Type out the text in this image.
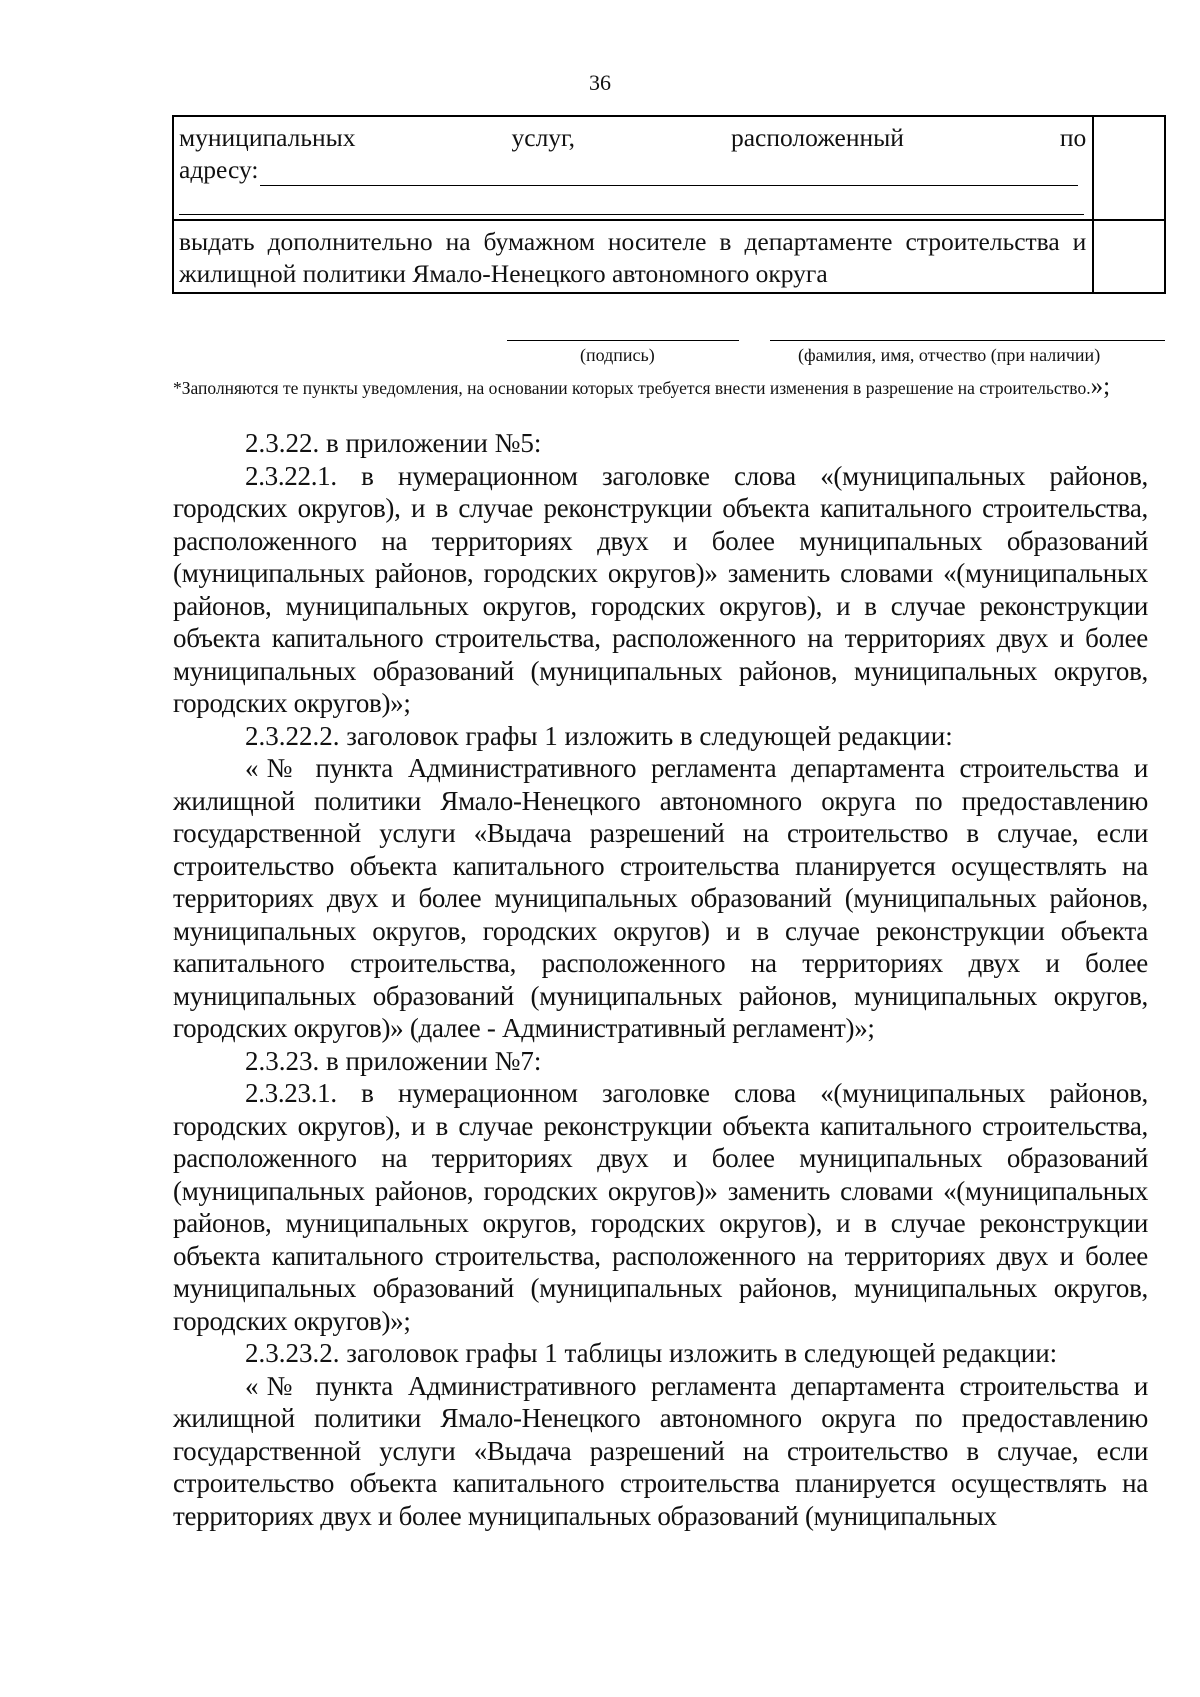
36
муниципальных услуг, расположенный по
адресу:	

выдать дополнительно на бумажном носителе в департаменте строительства и жилищной политики Ямало-Ненецкого автономного округа	
(подпись)	(фамилия, имя, отчество (при наличии)
*Заполняются те пункты уведомления, на основании которых требуется внести изменения в разрешение на строительство.»;

2.3.22. в приложении №5:

2.3.22.1. в нумерационном заголовке слова «(муниципальных районов, городских округов), и в случае реконструкции объекта капитального строительства, расположенного на территориях двух и более муниципальных образований (муниципальных районов, городских округов)» заменить словами «(муниципальных районов, муниципальных округов, городских округов), и в случае реконструкции объекта капитального строительства, расположенного на территориях двух и более муниципальных образований (муниципальных районов, муниципальных округов, городских округов)»;

2.3.22.2. заголовок графы 1 изложить в следующей редакции:

«№ пункта Административного регламента департамента строительства и жилищной политики Ямало-Ненецкого автономного округа по предоставлению государственной услуги «Выдача разрешений на строительство в случае, если строительство объекта капитального строительства планируется осуществлять на территориях двух и более муниципальных образований (муниципальных районов, муниципальных округов, городских округов) и в случае реконструкции объекта капитального строительства, расположенного на территориях двух и более муниципальных образований (муниципальных районов, муниципальных округов, городских округов)» (далее - Административный регламент)»;

2.3.23. в приложении №7:

2.3.23.1. в нумерационном заголовке слова «(муниципальных районов, городских округов), и в случае реконструкции объекта капитального строительства, расположенного на территориях двух и более муниципальных образований (муниципальных районов, городских округов)» заменить словами «(муниципальных районов, муниципальных округов, городских округов), и в случае реконструкции объекта капитального строительства, расположенного на территориях двух и более муниципальных образований (муниципальных районов, муниципальных округов, городских округов)»;

2.3.23.2. заголовок графы 1 таблицы изложить в следующей редакции:

«№ пункта Административного регламента департамента строительства и жилищной политики Ямало-Ненецкого автономного округа по предоставлению государственной услуги «Выдача разрешений на строительство в случае, если строительство объекта капитального строительства планируется осуществлять на территориях двух и более муниципальных образований (муниципальных
